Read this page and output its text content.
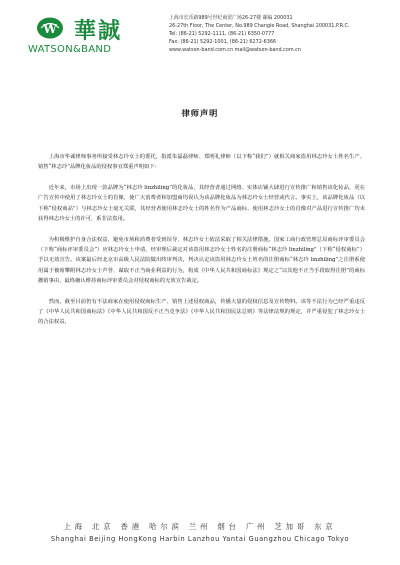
W 華誠
WATSON&BAND
上海市长乐路989号世纪商贸广场26-27楼 邮编 200031
26-27th Floor, The Center, No.989 Changle Road, Shanghai 200031,P.R.C.
Tel: (86-21) 5292-1111, (86-21) 6350-0777
Fax: (86-21) 5292-1001, (86-21) 6272-6366
www.watson-band.com.cn mail@watson-band.com.cn
律师声明

上海市华诚律师事务所接受林志玲女士的委托，指派朱磊磊律师、郑明礼律师（以下称“我们”）就相关商家盗用林志玲女士姓名生产、销售“林志玲”品牌化妆品的侵权事宜郑重声明如下：

近年来，市场上出现一款品牌为“林志玲 linzhiling”的化妆品，其经营者通过网络、实体店铺大肆进行宣传推广和销售该化妆品，更在广告宣传中使用了林志玲女士的肖像，使广大消费者和加盟商均误认为该品牌化妆品为林志玲女士经营或代言。事实上，该品牌化妆品（以下称“侵权商品”）与林志玲女士毫无关联，其经营者使用林志玲女士的姓名作为产品商标、使用林志玲女士的肖像对产品进行宣传推广均未获得林志玲女士的许可，系非法盗用。

为积极维护自身合法权益，避免市场和消费者受到误导，林志玲女士依法采取了相关法律措施。国家工商行政管理总局商标评审委员会（下称“商标评审委员会”）应林志玲女士申请，经审理后裁定对该盗用林志玲女士姓名的注册商标“林志玲 linzhiling”（下称“侵权商标”）予以无效宣告。该案最后经北京市高级人民法院做出终审判决，判决认定该盗用林志玲女士姓名的注册商标“林志玲 linzhiling”之注册系使用属于被席攀附林志玲女士声誉、谋取不正当商业利益的行为，构成《中华人民共和国商标法》规定之“以其他不正当手段取得注册”的商标撤销事由，最终确认维持商标评审委员会对侵权商标的无效宣告裁定。

然而，截至目前仍有不法商家在使用侵权商标生产、销售上述侵权商品，传播大量的侵权信息及宣传物料。该等不法行为已经严重违反了《中华人民共和国商标法》《中华人民共和国反不正当竞争法》《中华人民共和国民法总则》等法律法规的规定，并严重侵犯了林志玲女士的合法权益，

上海 北京 香港 哈尔滨 兰州 烟台 广州 芝加哥 东京
Shanghai Beijing HongKong Harbin Lanzhou Yantai Guangzhou Chicago Tokyo
